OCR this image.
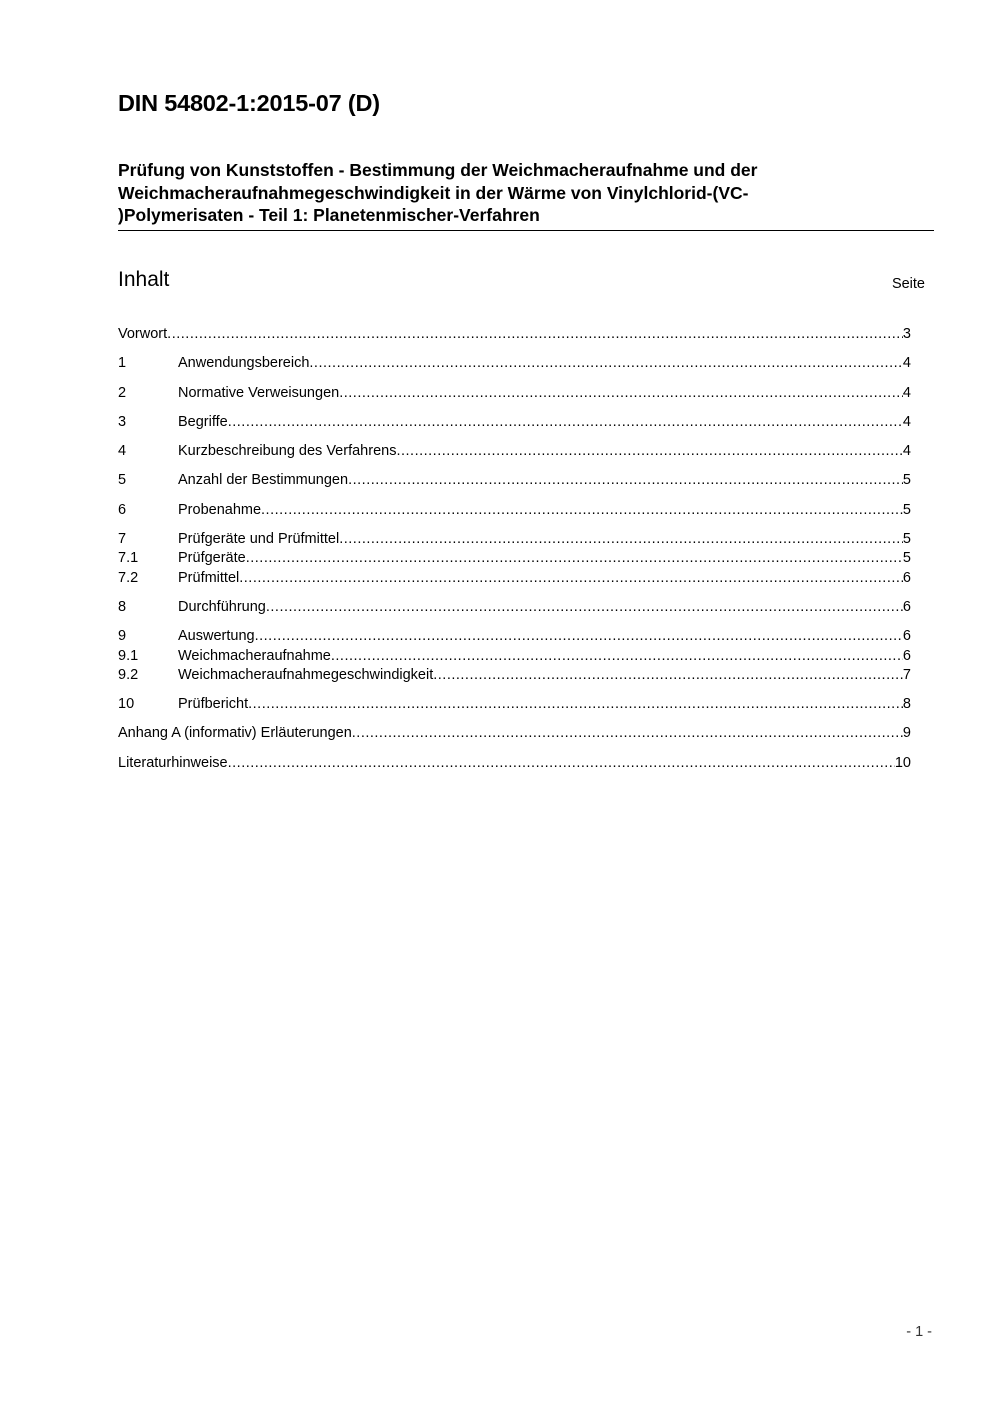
DIN 54802-1:2015-07 (D)
Prüfung von Kunststoffen - Bestimmung der Weichmacheraufnahme und der
Weichmacheraufnahmegeschwindigkeit in der Wärme von Vinylchlorid-(VC-
)Polymerisaten - Teil 1: Planetenmischer-Verfahren
Inhalt	Seite
Vorwort .....	3
1	Anwendungsbereich .....	4
2	Normative Verweisungen .....	4
3	Begriffe .....	4
4	Kurzbeschreibung des Verfahrens .....	4
5	Anzahl der Bestimmungen .....	5
6	Probenahme .....	5
7	Prüfgeräte und Prüfmittel .....	5
7.1	Prüfgeräte .....	5
7.2	Prüfmittel .....	6
8	Durchführung .....	6
9	Auswertung .....	6
9.1	Weichmacheraufnahme .....	6
9.2	Weichmacheraufnahmegeschwindigkeit .....	7
10	Prüfbericht .....	8
Anhang A (informativ) Erläuterungen .....	9
Literaturhinweise .....	10
- 1 -
